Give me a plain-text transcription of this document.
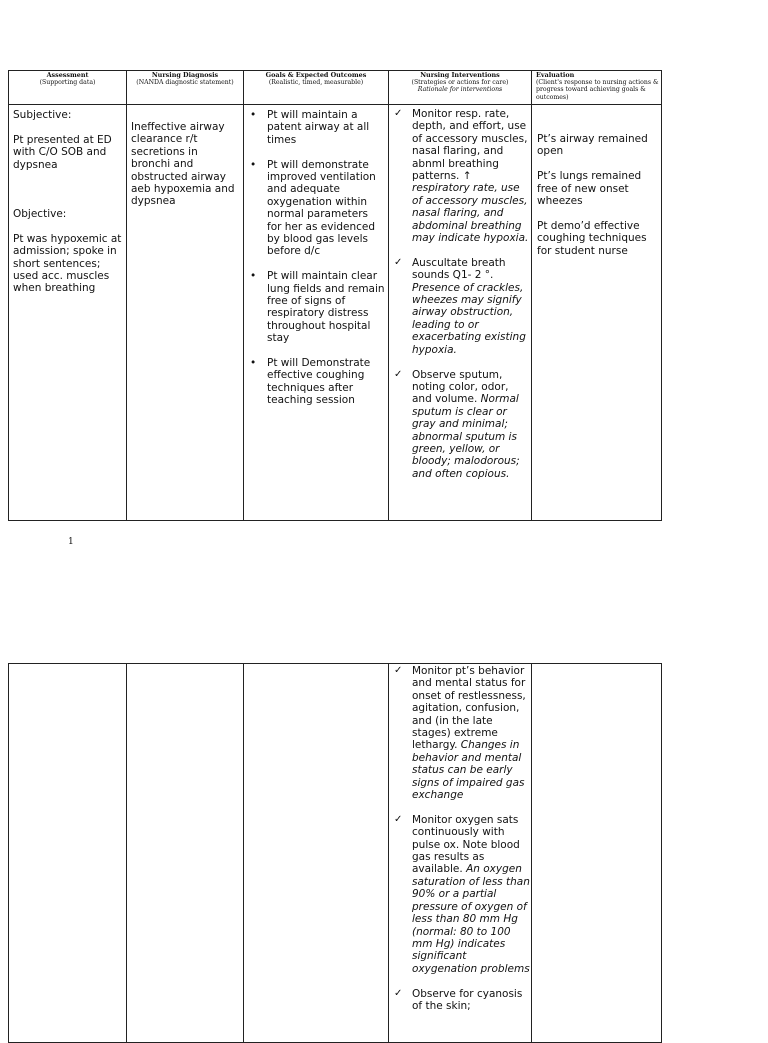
Assessment
(Supporting data)
Nursing Diagnosis
(NANDA diagnostic statement)
Goals & Expected Outcomes
(Realistic, timed, measurable)
Nursing Interventions
(Strategies or actions for care)
Rationale for interventions
Evaluation
(Client's response to nursing actions & progress toward achieving goals & outcomes)

Subjective:

Pt presented at ED with C/O SOB and dypsnea

Objective:

Pt was hypoxemic at admission; spoke in short sentences; used acc. muscles when breathing

Ineffective airway clearance r/t secretions in bronchi and obstructed airway aeb hypoxemia and dypsnea

• Pt will maintain a patent airway at all times
• Pt will demonstrate improved ventilation and adequate oxygenation within normal parameters for her as evidenced by blood gas levels before d/c
• Pt will maintain clear lung fields and remain free of signs of respiratory distress throughout hospital stay
• Pt will Demonstrate effective coughing techniques after teaching session
✓ Monitor resp. rate, depth, and effort, use of accessory muscles, nasal flaring, and abnml breathing patterns. ↑ respiratory rate, use of accessory muscles, nasal flaring, and abdominal breathing may indicate hypoxia.
✓ Auscultate breath sounds Q1- 2 °. Presence of crackles, wheezes may signify airway obstruction, leading to or exacerbating existing hypoxia.
✓ Observe sputum, noting color, odor, and volume. Normal sputum is clear or gray and minimal; abnormal sputum is green, yellow, or bloody; malodorous; and often copious.

Pt’s airway remained open

Pt’s lungs remained free of new onset wheezes

Pt demo’d effective coughing techniques for student nurse

1
✓ Monitor pt’s behavior and mental status for onset of restlessness, agitation, confusion, and (in the late stages) extreme lethargy. Changes in behavior and mental status can be early signs of impaired gas exchange
✓ Monitor oxygen sats continuously with pulse ox. Note blood gas results as available. An oxygen saturation of less than 90% or a partial pressure of oxygen of less than 80 mm Hg (normal: 80 to 100 mm Hg) indicates significant oxygenation problems
✓ Observe for cyanosis of the skin;
